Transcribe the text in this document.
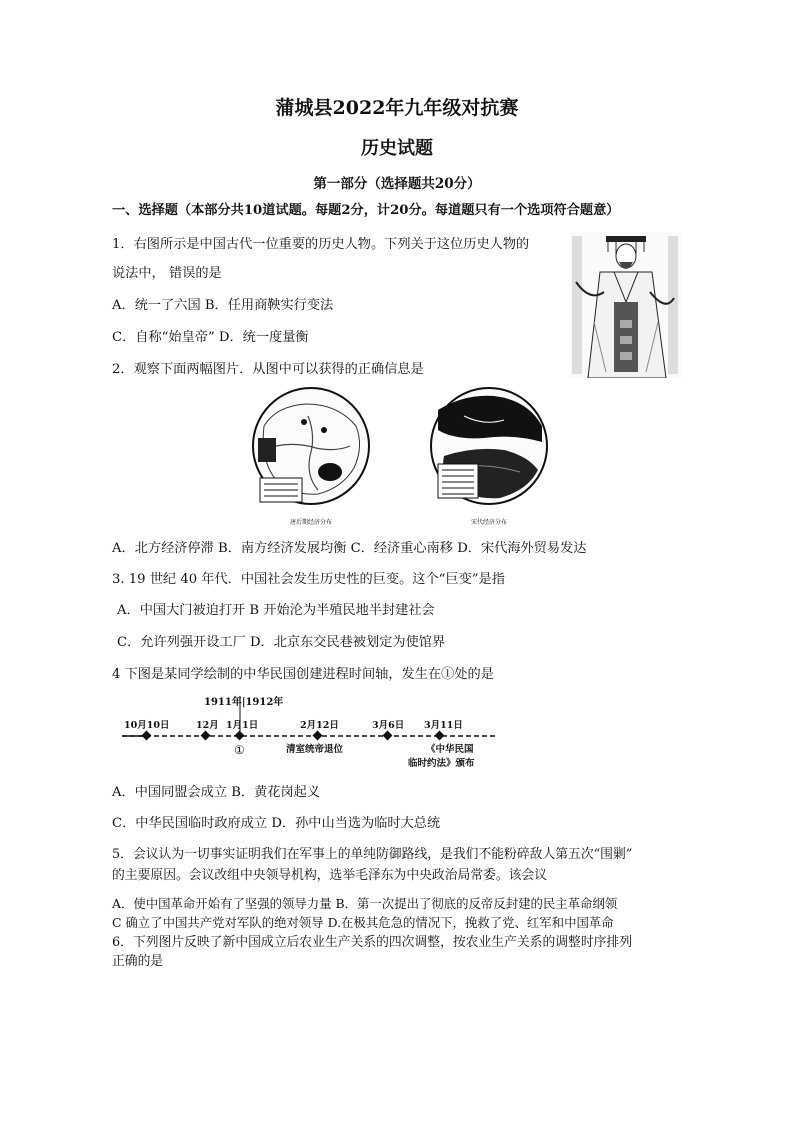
蒲城县2022年九年级对抗赛
历史试题
第一部分（选择题共20分）
一、选择题（本部分共10道试题。每题2分，计20分。每道题只有一个选项符合题意）
1．右图所示是中国古代一位重要的历史人物。下列关于这位历史人物的
说法中， 错误的是
A．统一了六国 B．任用商鞅实行变法
C．自称“始皇帝” D．统一度量衡
2．观察下面两幅图片．从图中可以获得的正确信息是
唐后期经济分布	宋代经济分布
A．北方经济停滞 B．南方经济发展均衡 C．经济重心南移 D．宋代海外贸易发达
3. 19 世纪 40 年代．中国社会发生历史性的巨变。这个“巨变”是指
A．中国大门被迫打开 B 开始沦为半殖民地半封建社会
C．允许列强开设工厂 D．北京东交民巷被划定为使馆界
4 下图是某同学绘制的中华民国创建进程时间轴，发生在①处的是
1911年|1912年
10月10日	12月 1月1日	2月12日	3月6日 3月11日
①	清室统帝退位	《中华民国
临时约法》颁布
A．中国同盟会成立 B．黄花岗起义
C．中华民国临时政府成立 D．孙中山当选为临时大总统
5．会议认为一切事实证明我们在军事上的单纯防御路线，是我们不能粉碎敌人第五次“围剿”
的主要原因。会议改组中央领导机构，选举毛泽东为中央政治局常委。该会议
A．使中国革命开始有了坚强的领导力量 B．第一次提出了彻底的反帝反封建的民主革命纲领
C 确立了中国共产党对军队的绝对领导 D.在极其危急的情况下，挽救了党、红军和中国革命
6．下列图片反映了新中国成立后农业生产关系的四次调整，按农业生产关系的调整时序排列
正确的是
